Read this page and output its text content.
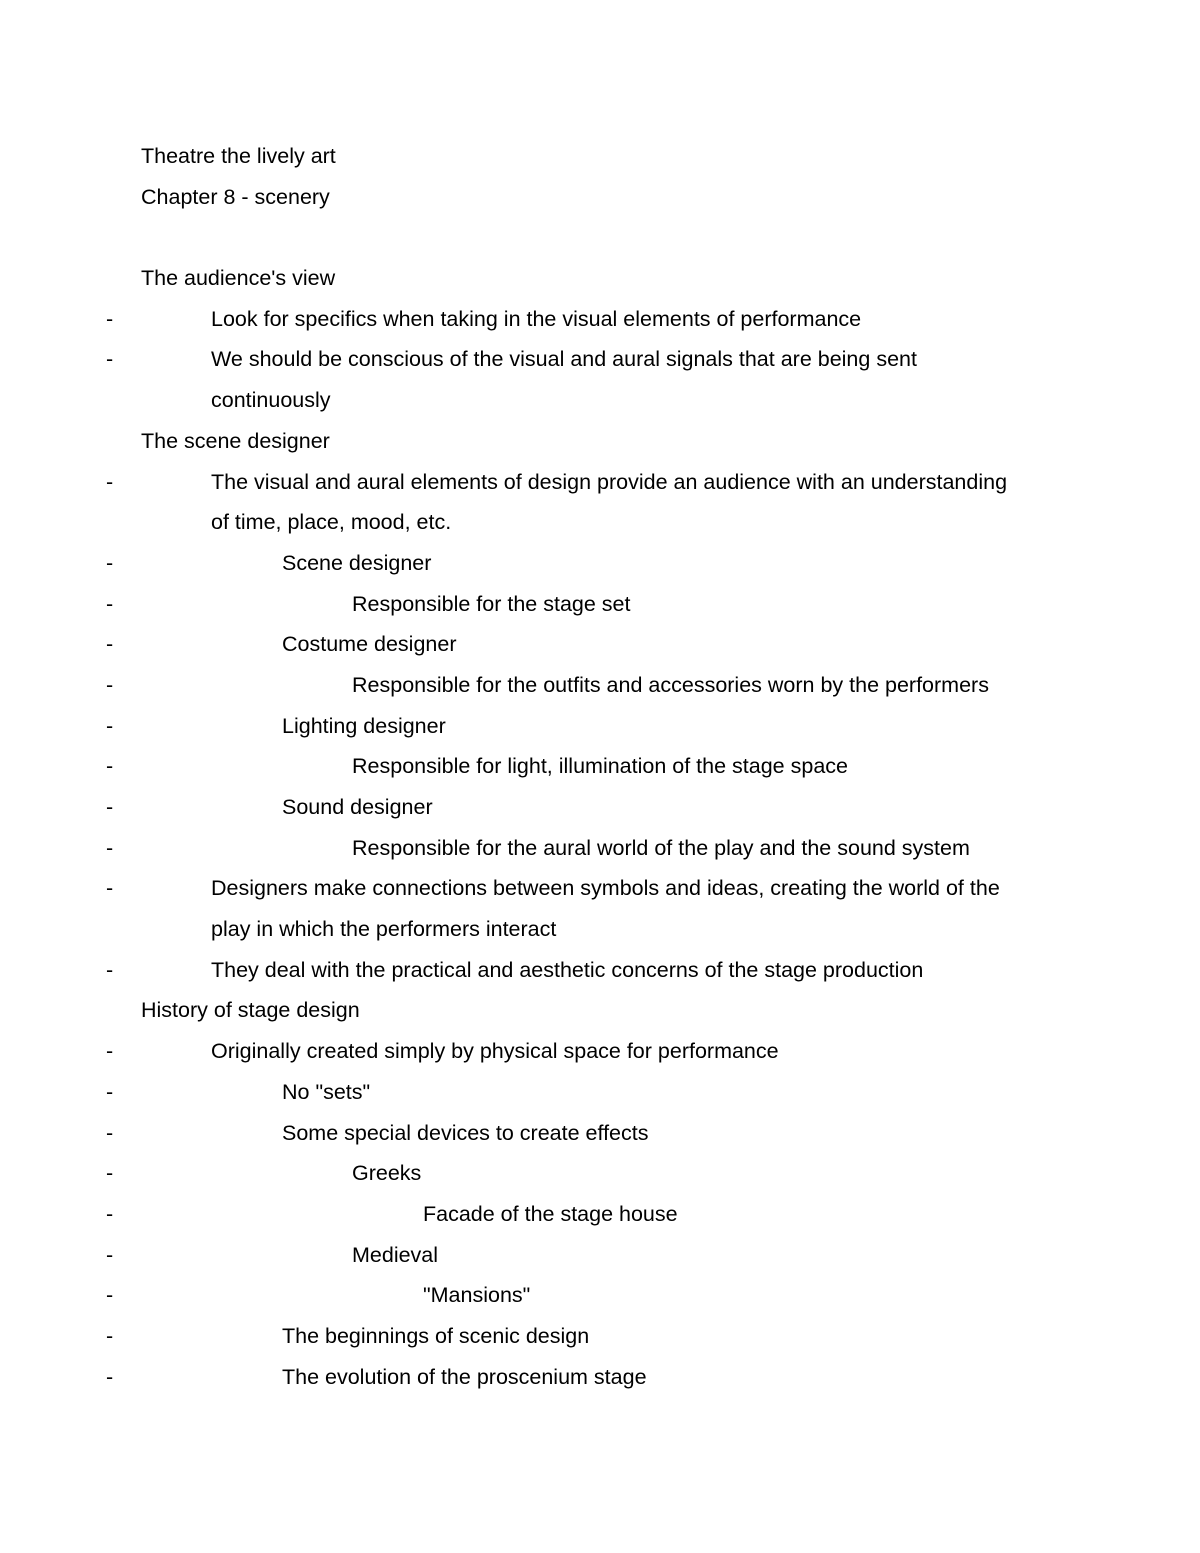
Theatre the lively art
Chapter 8 - scenery
The audience's view
-	Look for specifics when taking in the visual elements of performance
-	We should be conscious of the visual and aural signals that are being sent continuously
The scene designer
-	The visual and aural elements of design provide an audience with an understanding of time, place, mood, etc.
-	Scene designer
-	Responsible for the stage set
-	Costume designer
-	Responsible for the outfits and accessories worn by the performers
-	Lighting designer
-	Responsible for light, illumination of the stage space
-	Sound designer
-	Responsible for the aural world of the play and the sound system
-	Designers make connections between symbols and ideas, creating the world of the play in which the performers interact
-	They deal with the practical and aesthetic concerns of the stage production
History of stage design
-	Originally created simply by physical space for performance
-	No "sets"
-	Some special devices to create effects
-	Greeks
-	Facade of the stage house
-	Medieval
-	"Mansions"
-	The beginnings of scenic design
-	The evolution of the proscenium stage
